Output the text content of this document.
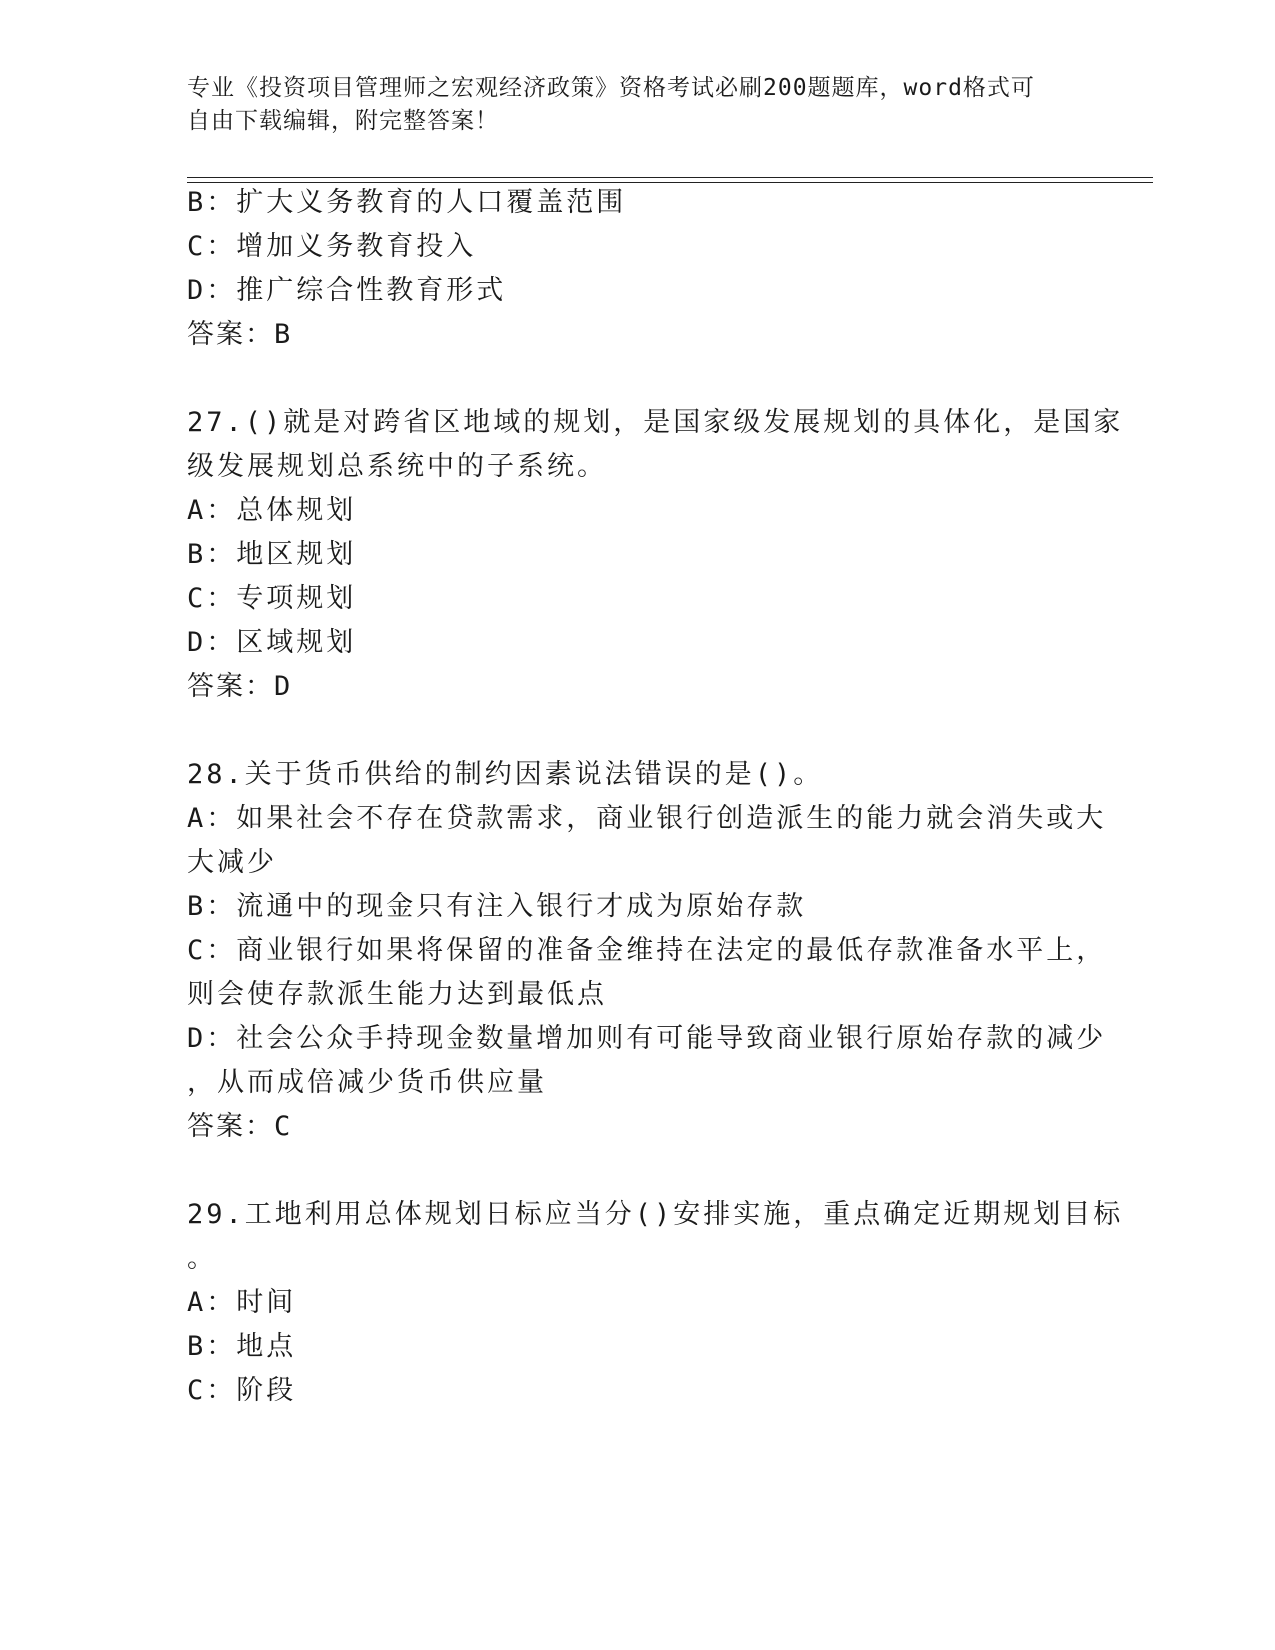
专业《投资项目管理师之宏观经济政策》资格考试必刷200题题库，word格式可
自由下载编辑，附完整答案！
B：扩大义务教育的人口覆盖范围
C：增加义务教育投入
D：推广综合性教育形式
答案：B
27.()就是对跨省区地域的规划，是国家级发展规划的具体化，是国家
级发展规划总系统中的子系统。
A：总体规划
B：地区规划
C：专项规划
D：区域规划
答案：D
28.关于货币供给的制约因素说法错误的是()。
A：如果社会不存在贷款需求，商业银行创造派生的能力就会消失或大
大减少
B：流通中的现金只有注入银行才成为原始存款
C：商业银行如果将保留的准备金维持在法定的最低存款准备水平上，
则会使存款派生能力达到最低点
D：社会公众手持现金数量增加则有可能导致商业银行原始存款的减少
，从而成倍减少货币供应量
答案：C
29.工地利用总体规划日标应当分()安排实施，重点确定近期规划目标
。
A：时间
B：地点
C：阶段
